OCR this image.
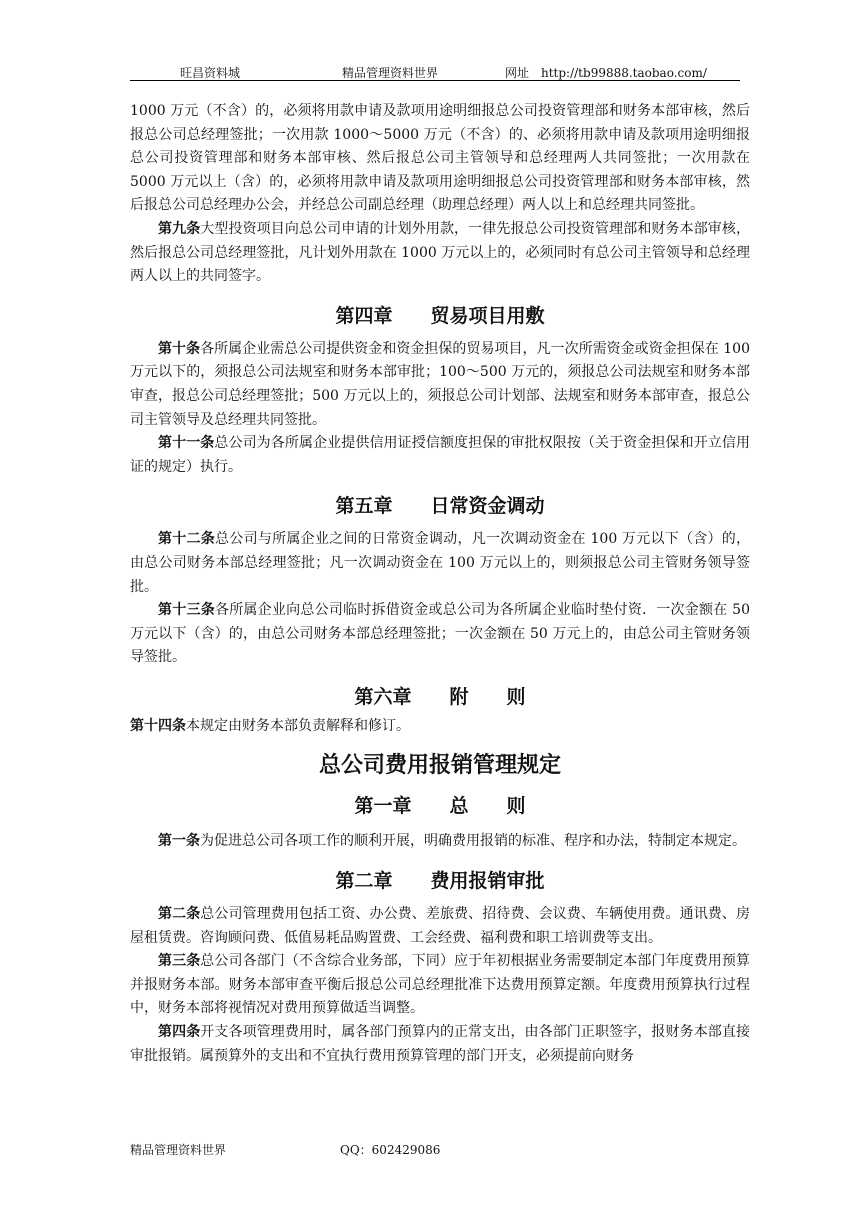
旺昌资料城	精品管理资料世界	网址　http://tb99888.taobao.com/

1000 万元（不含）的，必须将用款申请及款项用途明细报总公司投资管理部和财务本部审核，然后报总公司总经理签批；一次用款 1000～5000 万元（不含）的、必须将用款申请及款项用途明细报总公司投资管理部和财务本部审核、然后报总公司主管领导和总经理两人共同签批；一次用款在 5000 万元以上（含）的，必须将用款申请及款项用途明细报总公司投资管理部和财务本部审核，然后报总公司总经理办公会，并经总公司副总经理（助理总经理）两人以上和总经理共同签批。

第九条大型投资项目向总公司申请的计划外用款，一律先报总公司投资管理部和财务本部审核，然后报总公司总经理签批，凡计划外用款在 1000 万元以上的，必须同时有总公司主管领导和总经理两人以上的共同签字。

第四章　　贸易项目用敷

第十条各所属企业需总公司提供资金和资金担保的贸易项目，凡一次所需资金或资金担保在 100 万元以下的，须报总公司法规室和财务本部审批；100～500 万元的，须报总公司法规室和财务本部审查，报总公司总经理签批；500 万元以上的，须报总公司计划部、法规室和财务本部审查，报总公司主管领导及总经理共同签批。

第十一条总公司为各所属企业提供信用证授信额度担保的审批权限按（关于资金担保和开立信用证的规定）执行。

第五章　　日常资金调动

第十二条总公司与所属企业之间的日常资金调动，凡一次调动资金在 100 万元以下（含）的，由总公司财务本部总经理签批；凡一次调动资金在 100 万元以上的，则须报总公司主管财务领导签批。

第十三条各所属企业向总公司临时拆借资金或总公司为各所属企业临时垫付资．一次金额在 50 万元以下（含）的，由总公司财务本部总经理签批；一次金额在 50 万元上的，由总公司主管财务领导签批。

第六章　　附　　则

第十四条本规定由财务本部负责解释和修订。

总公司费用报销管理规定
第一章　　总　　则

第一条为促进总公司各项工作的顺利开展，明确费用报销的标准、程序和办法，特制定本规定。

第二章　　费用报销审批

第二条总公司管理费用包括工资、办公费、差旅费、招待费、会议费、车辆使用费。通讯费、房屋租赁费。咨询顾问费、低值易耗品购置费、工会经费、福利费和职工培训费等支出。

第三条总公司各部门（不含综合业务部，下同）应于年初根据业务需要制定本部门年度费用预算并报财务本部。财务本部审查平衡后报总公司总经理批准下达费用预算定额。年度费用预算执行过程中，财务本部将视情况对费用预算做适当调整。

第四条开支各项管理费用时，属各部门预算内的正常支出，由各部门正职签字，报财务本部直接审批报销。属预算外的支出和不宜执行费用预算管理的部门开支，必须提前向财务

精品管理资料世界	QQ：602429086
